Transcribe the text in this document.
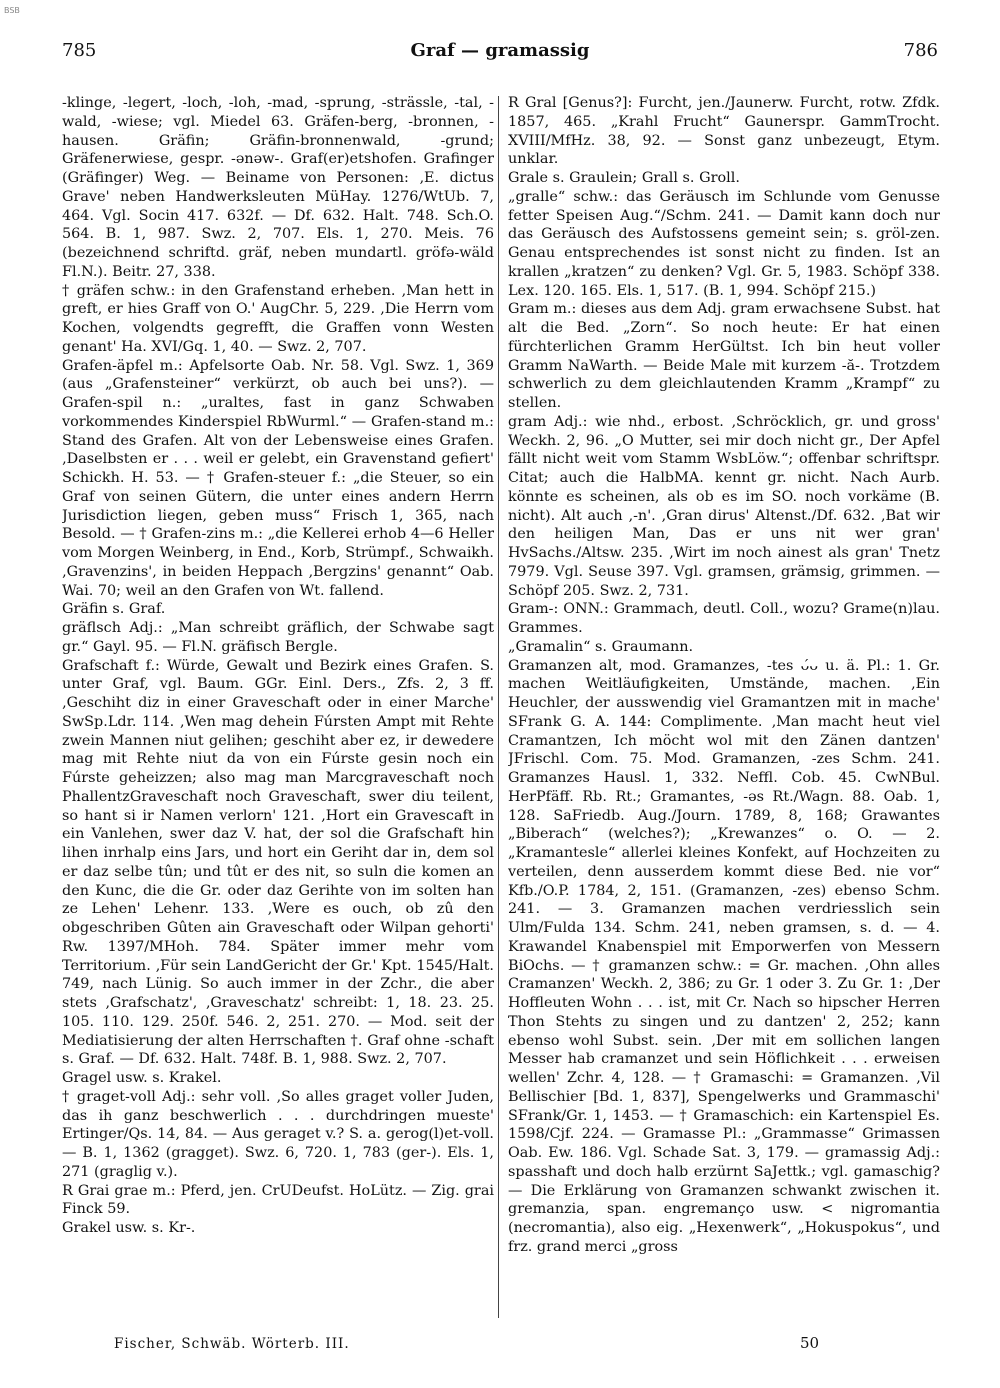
BSB
785	Graf — gramassig	786

-klinge, -legert, -loch, -loh, -mad, -sprung, -strässle, -tal, -wald, -wiese; vgl. Miedel 63. Gräfen-berg, -bronnen, -hausen. Gräfin; Gräfin-bronnenwald, -grund; Gräfenerwiese, gespr. -ənəw-. Graf(er)etshofen. Grafinger (Gräfinger) Weg. — Beiname von Personen: ‚E. dictus Grave' neben Handwerksleuten MüHay. 1276/WtUb. 7, 464. Vgl. Socin 417. 632f. — Df. 632. Halt. 748. Sch.O. 564. B. 1, 987. Swz. 2, 707. Els. 1, 270. Meis. 76 (bezeichnend schriftd. gräf, neben mundartl. gröfə-wäld Fl.N.). Beitr. 27, 338.

† gräfen schw.: in den Grafenstand erheben. ‚Man hett in greft, er hies Graff von O.' AugChr. 5, 229. ‚Die Herrn vom Kochen, volgendts gegrefft, die Graffen vonn Westen genant' Ha. XVI/Gq. 1, 40. — Swz. 2, 707.

Grafen-äpfel m.: Apfelsorte Oab. Nr. 58. Vgl. Swz. 1, 369 (aus „Grafensteiner“ verkürzt, ob auch bei uns?). — Grafen-spil n.: „uraltes, fast in ganz Schwaben vorkommendes Kinderspiel RbWurml.“ — Grafen-stand m.: Stand des Grafen. Alt von der Lebensweise eines Grafen. ‚Daselbsten er . . . weil er gelebt, ein Gravenstand gefiert' Schickh. H. 53. — † Grafen-steuer f.: „die Steuer, so ein Graf von seinen Gütern, die unter eines andern Herrn Jurisdiction liegen, geben muss“ Frisch 1, 365, nach Besold. — † Grafen-zins m.: „die Kellerei erhob 4—6 Heller vom Morgen Weinberg, in End., Korb, Strümpf., Schwaikh. ‚Gravenzins', in beiden Heppach ‚Bergzins' genannt“ Oab. Wai. 70; weil an den Grafen von Wt. fallend.

Gräfin s. Graf.

gräflsch Adj.: „Man schreibt gräflich, der Schwabe sagt gr.“ Gayl. 95. — Fl.N. gräfisch Bergle.

Grafschaft f.: Würde, Gewalt und Bezirk eines Grafen. S. unter Graf, vgl. Baum. GGr. Einl. Ders., Zfs. 2, 3 ff. ‚Geschiht diz in einer Graveschaft oder in einer Marche' SwSp.Ldr. 114. ‚Wen mag dehein Fúrsten Ampt mit Rehte zwein Mannen niut gelihen; geschiht aber ez, ir dewedere mag mit Rehte niut da von ein Fúrste gesin noch ein Fúrste geheizzen; also mag man Marcgraveschaft noch PhallentzGraveschaft noch Graveschaft, swer diu teilent, so hant si ir Namen verlorn' 121. ‚Hort ein Gravescaft in ein Vanlehen, swer daz V. hat, der sol die Grafschaft hin lihen inrhalp eins Jars, und hort ein Geriht dar in, dem sol er daz selbe tûn; und tût er des nit, so suln die komen an den Kunc, die die Gr. oder daz Gerihte von im solten han ze Lehen' Lehenr. 133. ‚Were es ouch, ob zû den obgeschriben Gûten ain Graveschaft oder Wilpan gehorti' Rw. 1397/MHoh. 784. Später immer mehr vom Territorium. ‚Für sein LandGericht der Gr.' Kpt. 1545/Halt. 749, nach Lünig. So auch immer in der Zchr., die aber stets ‚Grafschatz', ‚Graveschatz' schreibt: 1, 18. 23. 25. 105. 110. 129. 250f. 546. 2, 251. 270. — Mod. seit der Mediatisierung der alten Herrschaften †. Graf ohne -schaft s. Graf. — Df. 632. Halt. 748f. B. 1, 988. Swz. 2, 707.

Gragel usw. s. Krakel.

† graget-voll Adj.: sehr voll. ‚So alles graget voller Juden, das ih ganz beschwerlich . . . durchdringen mueste' Ertinger/Qs. 14, 84. — Aus geraget v.? S. a. gerog(l)et-voll. — B. 1, 1362 (gragget). Swz. 6, 720. 1, 783 (ger-). Els. 1, 271 (graglig v.).

R Grai grae m.: Pferd, jen. CrUDeufst. HoLütz. — Zig. grai Finck 59.

Grakel usw. s. Kr-.

R Gral [Genus?]: Furcht, jen./Jaunerw. Furcht, rotw. Zfdk. 1857, 465. „Krahl Frucht“ Gaunerspr. GammTrocht. XVIII/MfHz. 38, 92. — Sonst ganz unbezeugt, Etym. unklar.

Grale s. Graulein; Grall s. Groll.

„gralle“ schw.: das Geräusch im Schlunde vom Genusse fetter Speisen Aug.“/Schm. 241. — Damit kann doch nur das Geräusch des Aufstossens gemeint sein; s. gröl-zen. Genau entsprechendes ist sonst nicht zu finden. Ist an krallen „kratzen“ zu denken? Vgl. Gr. 5, 1983. Schöpf 338. Lex. 120. 165. Els. 1, 517. (B. 1, 994. Schöpf 215.)

Gram m.: dieses aus dem Adj. gram erwachsene Subst. hat alt die Bed. „Zorn“. So noch heute: Er hat einen fürchterlichen Gramm HerGültst. Ich bin heut voller Gramm NaWarth. — Beide Male mit kurzem -ă-. Trotzdem schwerlich zu dem gleichlautenden Kramm „Krampf“ zu stellen.

gram Adj.: wie nhd., erbost. ‚Schröcklich, gr. und gross' Weckh. 2, 96. „O Mutter, sei mir doch nicht gr., Der Apfel fällt nicht weit vom Stamm WsbLöw.“; offenbar schriftspr. Citat; auch die HalbMA. kennt gr. nicht. Nach Aurb. könnte es scheinen, als ob es im SO. noch vorkäme (B. nicht). Alt auch ‚-n'. ‚Gran dirus' Altenst./Df. 632. ‚Bat wir den heiligen Man, Das er uns nit wer gran' HvSachs./Altsw. 235. ‚Wirt im noch ainest als gran' Tnetz 7979. Vgl. Seuse 397. Vgl. gramsen, grämsig, grimmen. — Schöpf 205. Swz. 2, 731.

Gram-: ONN.: Grammach, deutl. Coll., wozu? Grame(n)lau. Grammes.

„Gramalin“ s. Graumann.

Gramanzen alt, mod. Gramanzes, -tes ᴗ́ᴗ u. ä. Pl.: 1. Gr. machen Weitläufigkeiten, Umstände, machen. ‚Ein Heuchler, der ausswendig viel Gramantzen mit in mache' SFrank G. A. 144: Complimente. ‚Man macht heut viel Cramantzen, Ich möcht wol mit den Zänen dantzen' JFrischl. Com. 75. Mod. Gramanzen, -zes Schm. 241. Gramanzes Hausl. 1, 332. Neffl. Cob. 45. CwNBul. HerPfäff. Rb. Rt.; Gramantes, -əs Rt./Wagn. 88. Oab. 1, 128. SaFriedb. Aug./Journ. 1789, 8, 168; Grawantes „Biberach“ (welches?); „Krewanzes“ o. O. — 2. „Kramantesle“ allerlei kleines Konfekt, auf Hochzeiten zu verteilen, denn ausserdem kommt diese Bed. nie vor“ Kfb./O.P. 1784, 2, 151. (Gramanzen, -zes) ebenso Schm. 241. — 3. Gramanzen machen verdriesslich sein Ulm/Fulda 134. Schm. 241, neben gramsen, s. d. — 4. Krawandel Knabenspiel mit Emporwerfen von Messern BiOchs. — † gramanzen schw.: = Gr. machen. ‚Ohn alles Cramanzen' Weckh. 2, 386; zu Gr. 1 oder 3. Zu Gr. 1: ‚Der Hoffleuten Wohn . . . ist, mit Cr. Nach so hipscher Herren Thon Stehts zu singen und zu dantzen' 2, 252; kann ebenso wohl Subst. sein. ‚Der mit em sollichen langen Messer hab cramanzet und sein Höflichkeit . . . erweisen wellen' Zchr. 4, 128. — † Gramaschi: = Gramanzen. ‚Vil Bellischier [Bd. 1, 837], Spengelwerks und Grammaschi' SFrank/Gr. 1, 1453. — † Gramaschich: ein Kartenspiel Es. 1598/Cjf. 224. — Gramasse Pl.: „Grammasse“ Grimassen Oab. Ew. 186. Vgl. Schade Sat. 3, 179. — gramassig Adj.: spasshaft und doch halb erzürnt SaJettk.; vgl. gamaschig? — Die Erklärung von Gramanzen schwankt zwischen it. gremanzia, span. engremanço usw. < nigromantia (necromantia), also eig. „Hexenwerk“, „Hokuspokus“, und frz. grand merci „gross

Fischer, Schwäb. Wörterb. III.	50
